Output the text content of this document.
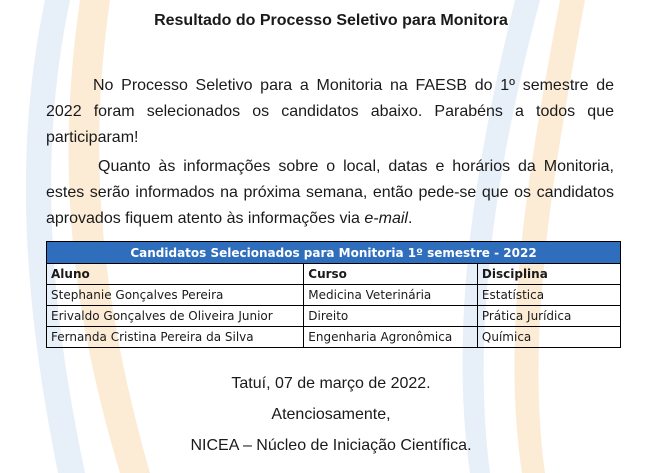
Resultado do Processo Seletivo para Monitora

No Processo Seletivo para a Monitoria na FAESB do 1º semestre de 2022 foram selecionados os candidatos abaixo. Parabéns a todos que participaram!

Quanto às informações sobre o local, datas e horários da Monitoria, estes serão informados na próxima semana, então pede-se que os candidatos aprovados fiquem atento às informações via e-mail.

Candidatos Selecionados para Monitoria 1º semestre - 2022		
Aluno	Curso	Disciplina
Stephanie Gonçalves Pereira	Medicina Veterinária	Estatística
Erivaldo Gonçalves de Oliveira Junior	Direito	Prática Jurídica
Fernanda Cristina Pereira da Silva	Engenharia Agronômica	Química

Tatuí, 07 de março de 2022.

Atenciosamente,

NICEA – Núcleo de Iniciação Científica.
